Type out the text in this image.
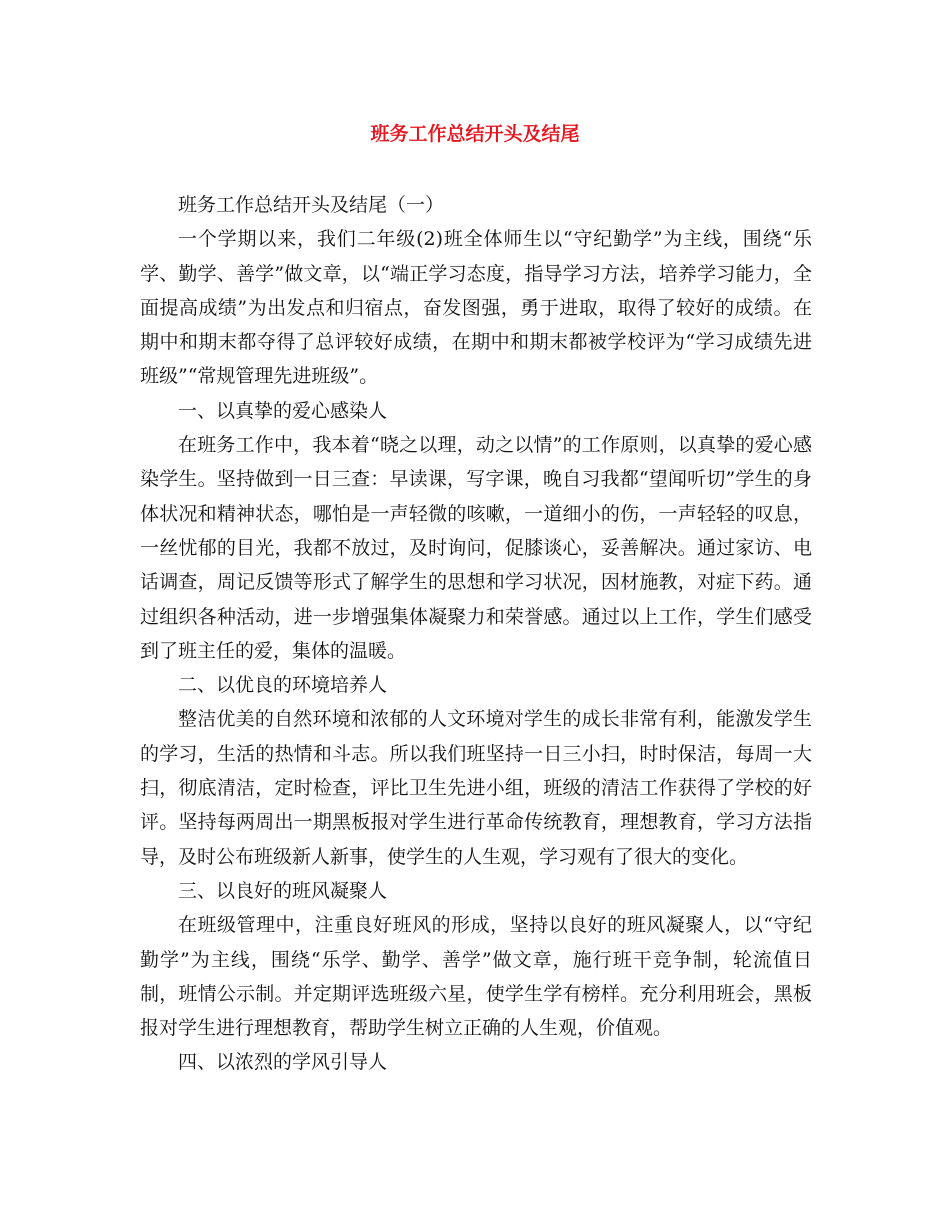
班务工作总结开头及结尾

班务工作总结开头及结尾（一）

一个学期以来，我们二年级(2)班全体师生以“守纪勤学”为主线，围绕“乐学、勤学、善学”做文章，以“端正学习态度，指导学习方法，培养学习能力，全面提高成绩”为出发点和归宿点，奋发图强，勇于进取，取得了较好的成绩。在期中和期末都夺得了总评较好成绩，在期中和期末都被学校评为“学习成绩先进班级”“常规管理先进班级”。

一、以真挚的爱心感染人

在班务工作中，我本着“晓之以理，动之以情”的工作原则，以真挚的爱心感染学生。坚持做到一日三查：早读课，写字课，晚自习我都“望闻听切”学生的身体状况和精神状态，哪怕是一声轻微的咳嗽，一道细小的伤，一声轻轻的叹息，一丝忧郁的目光，我都不放过，及时询问，促膝谈心，妥善解决。通过家访、电话调查，周记反馈等形式了解学生的思想和学习状况，因材施教，对症下药。通过组织各种活动，进一步增强集体凝聚力和荣誉感。通过以上工作，学生们感受到了班主任的爱，集体的温暖。

二、以优良的环境培养人

整洁优美的自然环境和浓郁的人文环境对学生的成长非常有利，能激发学生的学习，生活的热情和斗志。所以我们班坚持一日三小扫，时时保洁，每周一大扫，彻底清洁，定时检查，评比卫生先进小组，班级的清洁工作获得了学校的好评。坚持每两周出一期黑板报对学生进行革命传统教育，理想教育，学习方法指导，及时公布班级新人新事，使学生的人生观，学习观有了很大的变化。

三、以良好的班风凝聚人

在班级管理中，注重良好班风的形成，坚持以良好的班风凝聚人，以“守纪勤学”为主线，围绕“乐学、勤学、善学”做文章，施行班干竞争制，轮流值日制，班情公示制。并定期评选班级六星，使学生学有榜样。充分利用班会，黑板报对学生进行理想教育，帮助学生树立正确的人生观，价值观。

四、以浓烈的学风引导人
